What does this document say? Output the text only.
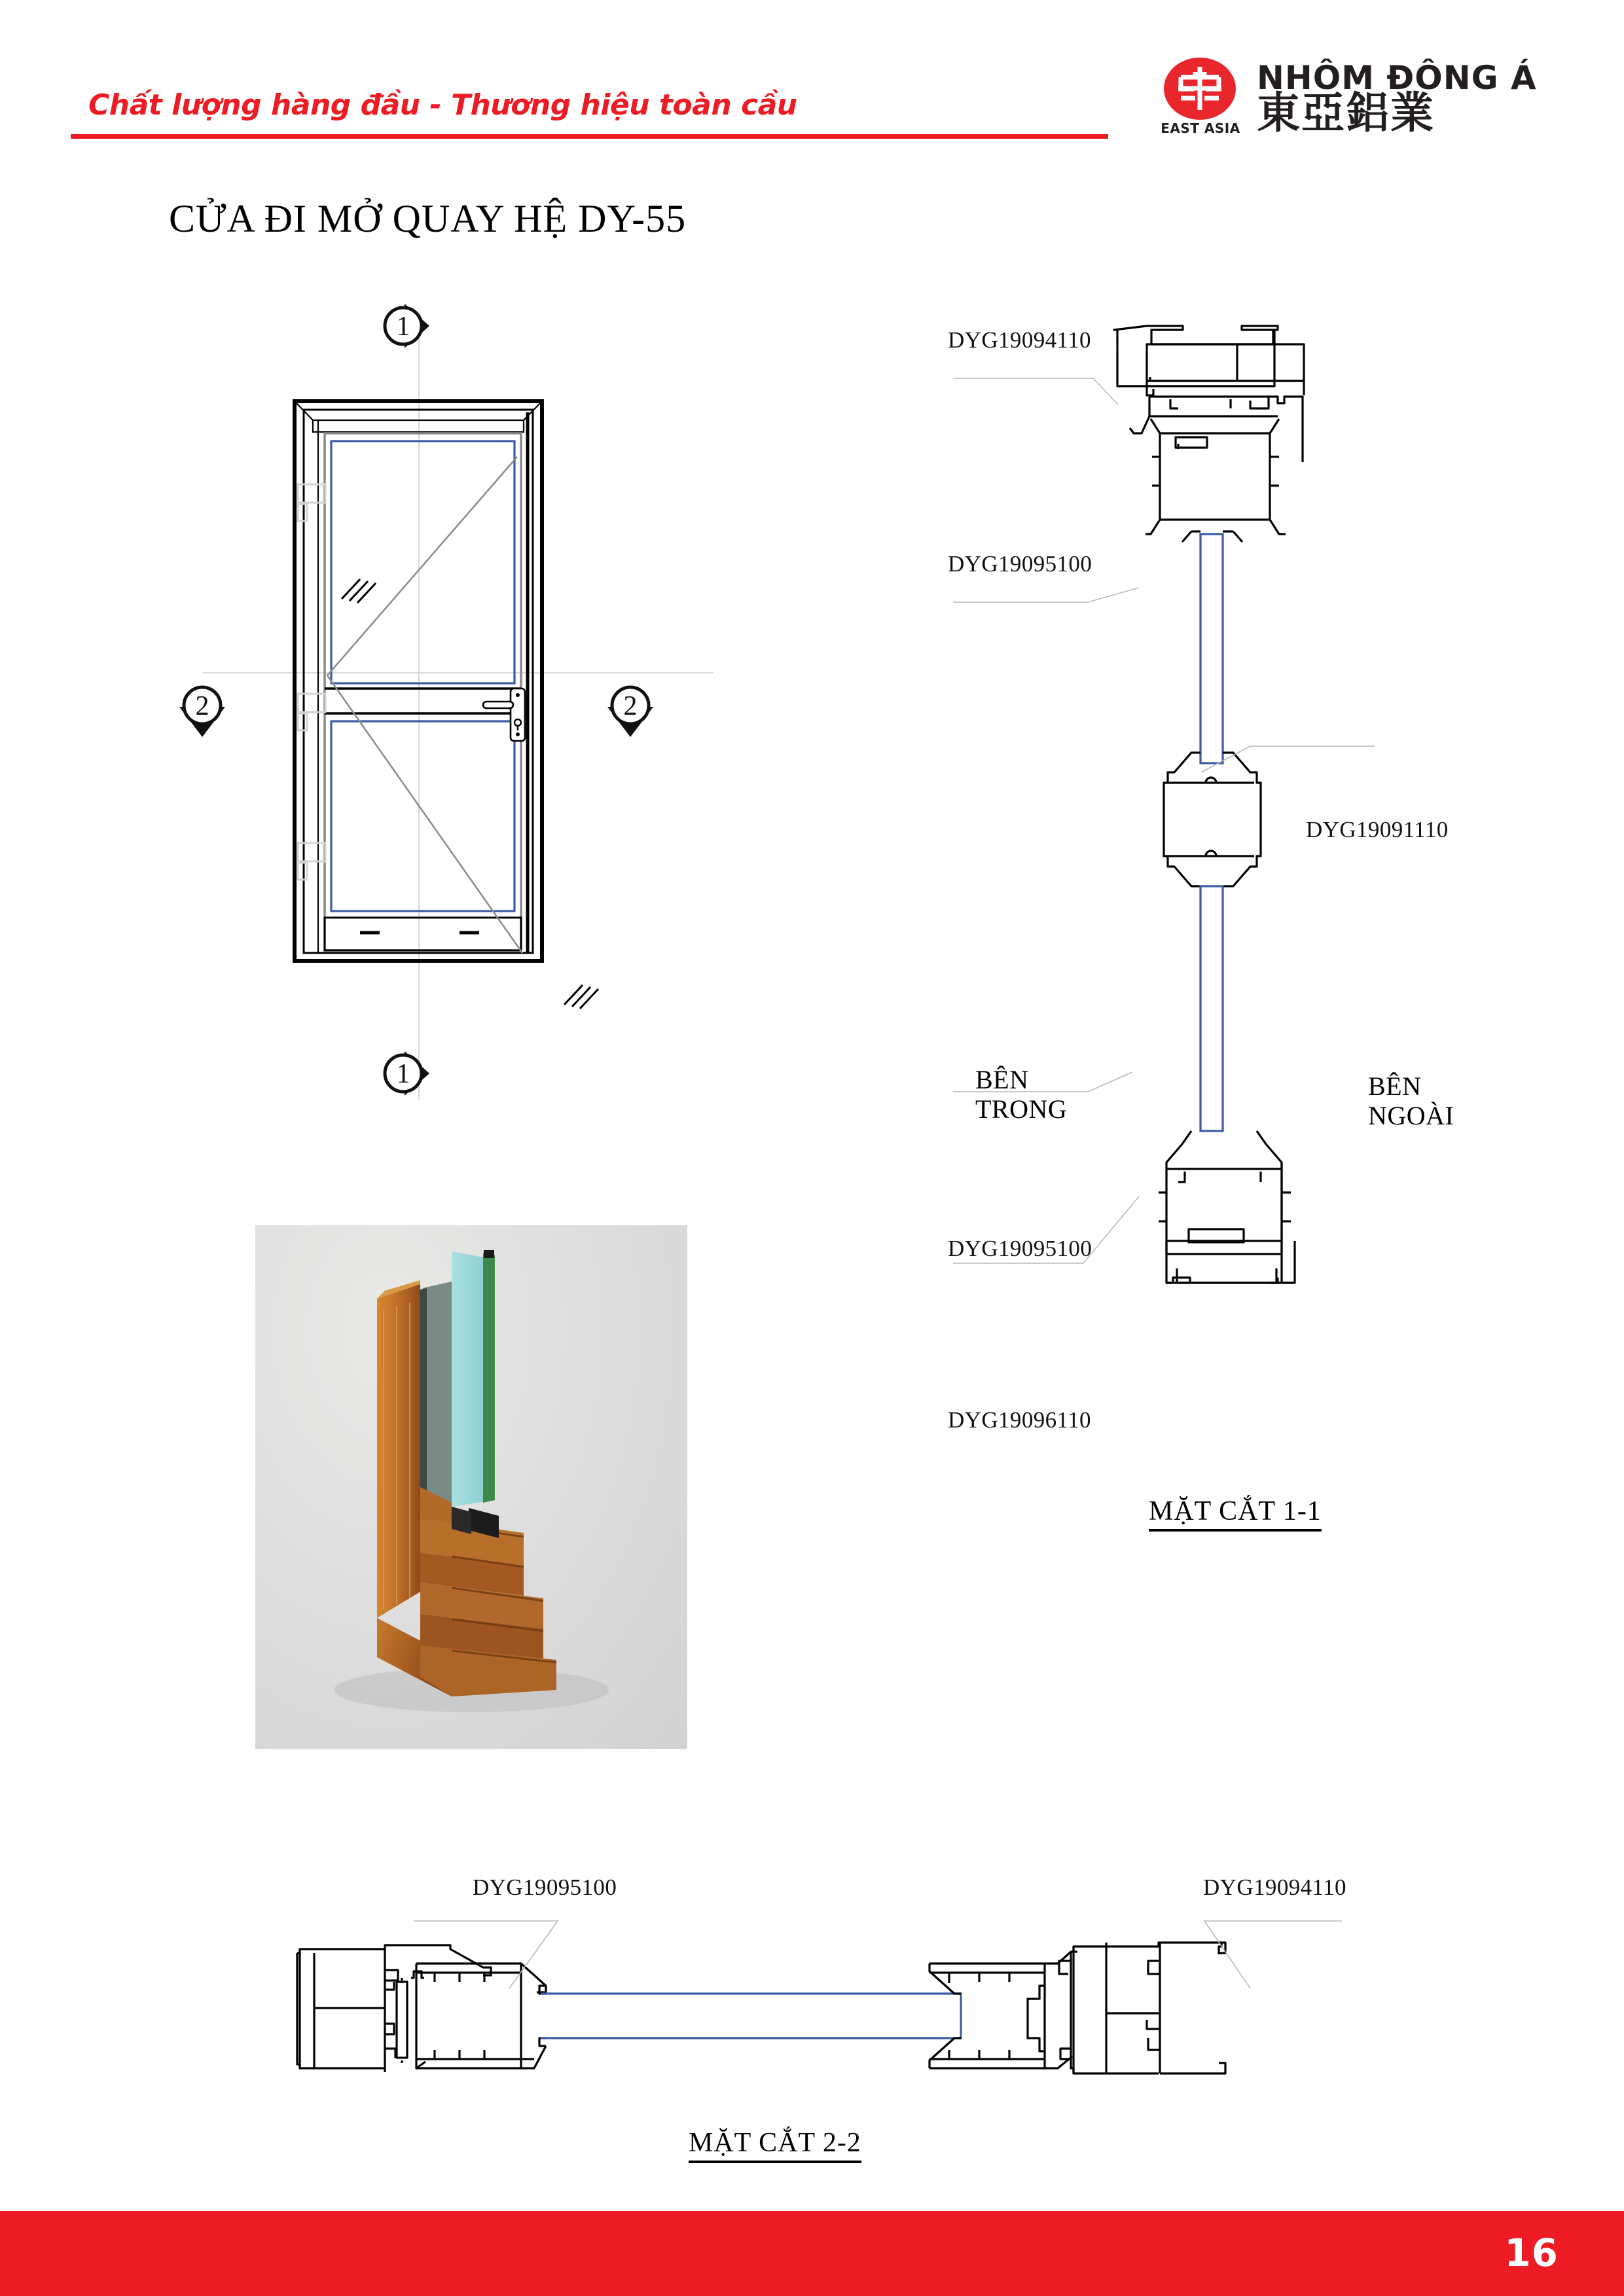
Chất lượng hàng đầu - Thương hiệu toàn cầu
EAST ASIA
NHÔM ĐÔNG Á
東亞鋁業
CỬA ĐI MỞ QUAY HỆ DY-55
1
1
2	2
DYG19094110
DYG19095100
DYG19091110
DYG19095100
DYG19096110
BÊN
TRONG
BÊN
NGOÀI
MẶT CẮT 1-1
DYG19095100	DYG19094110
MẶT CẮT 2-2
16
